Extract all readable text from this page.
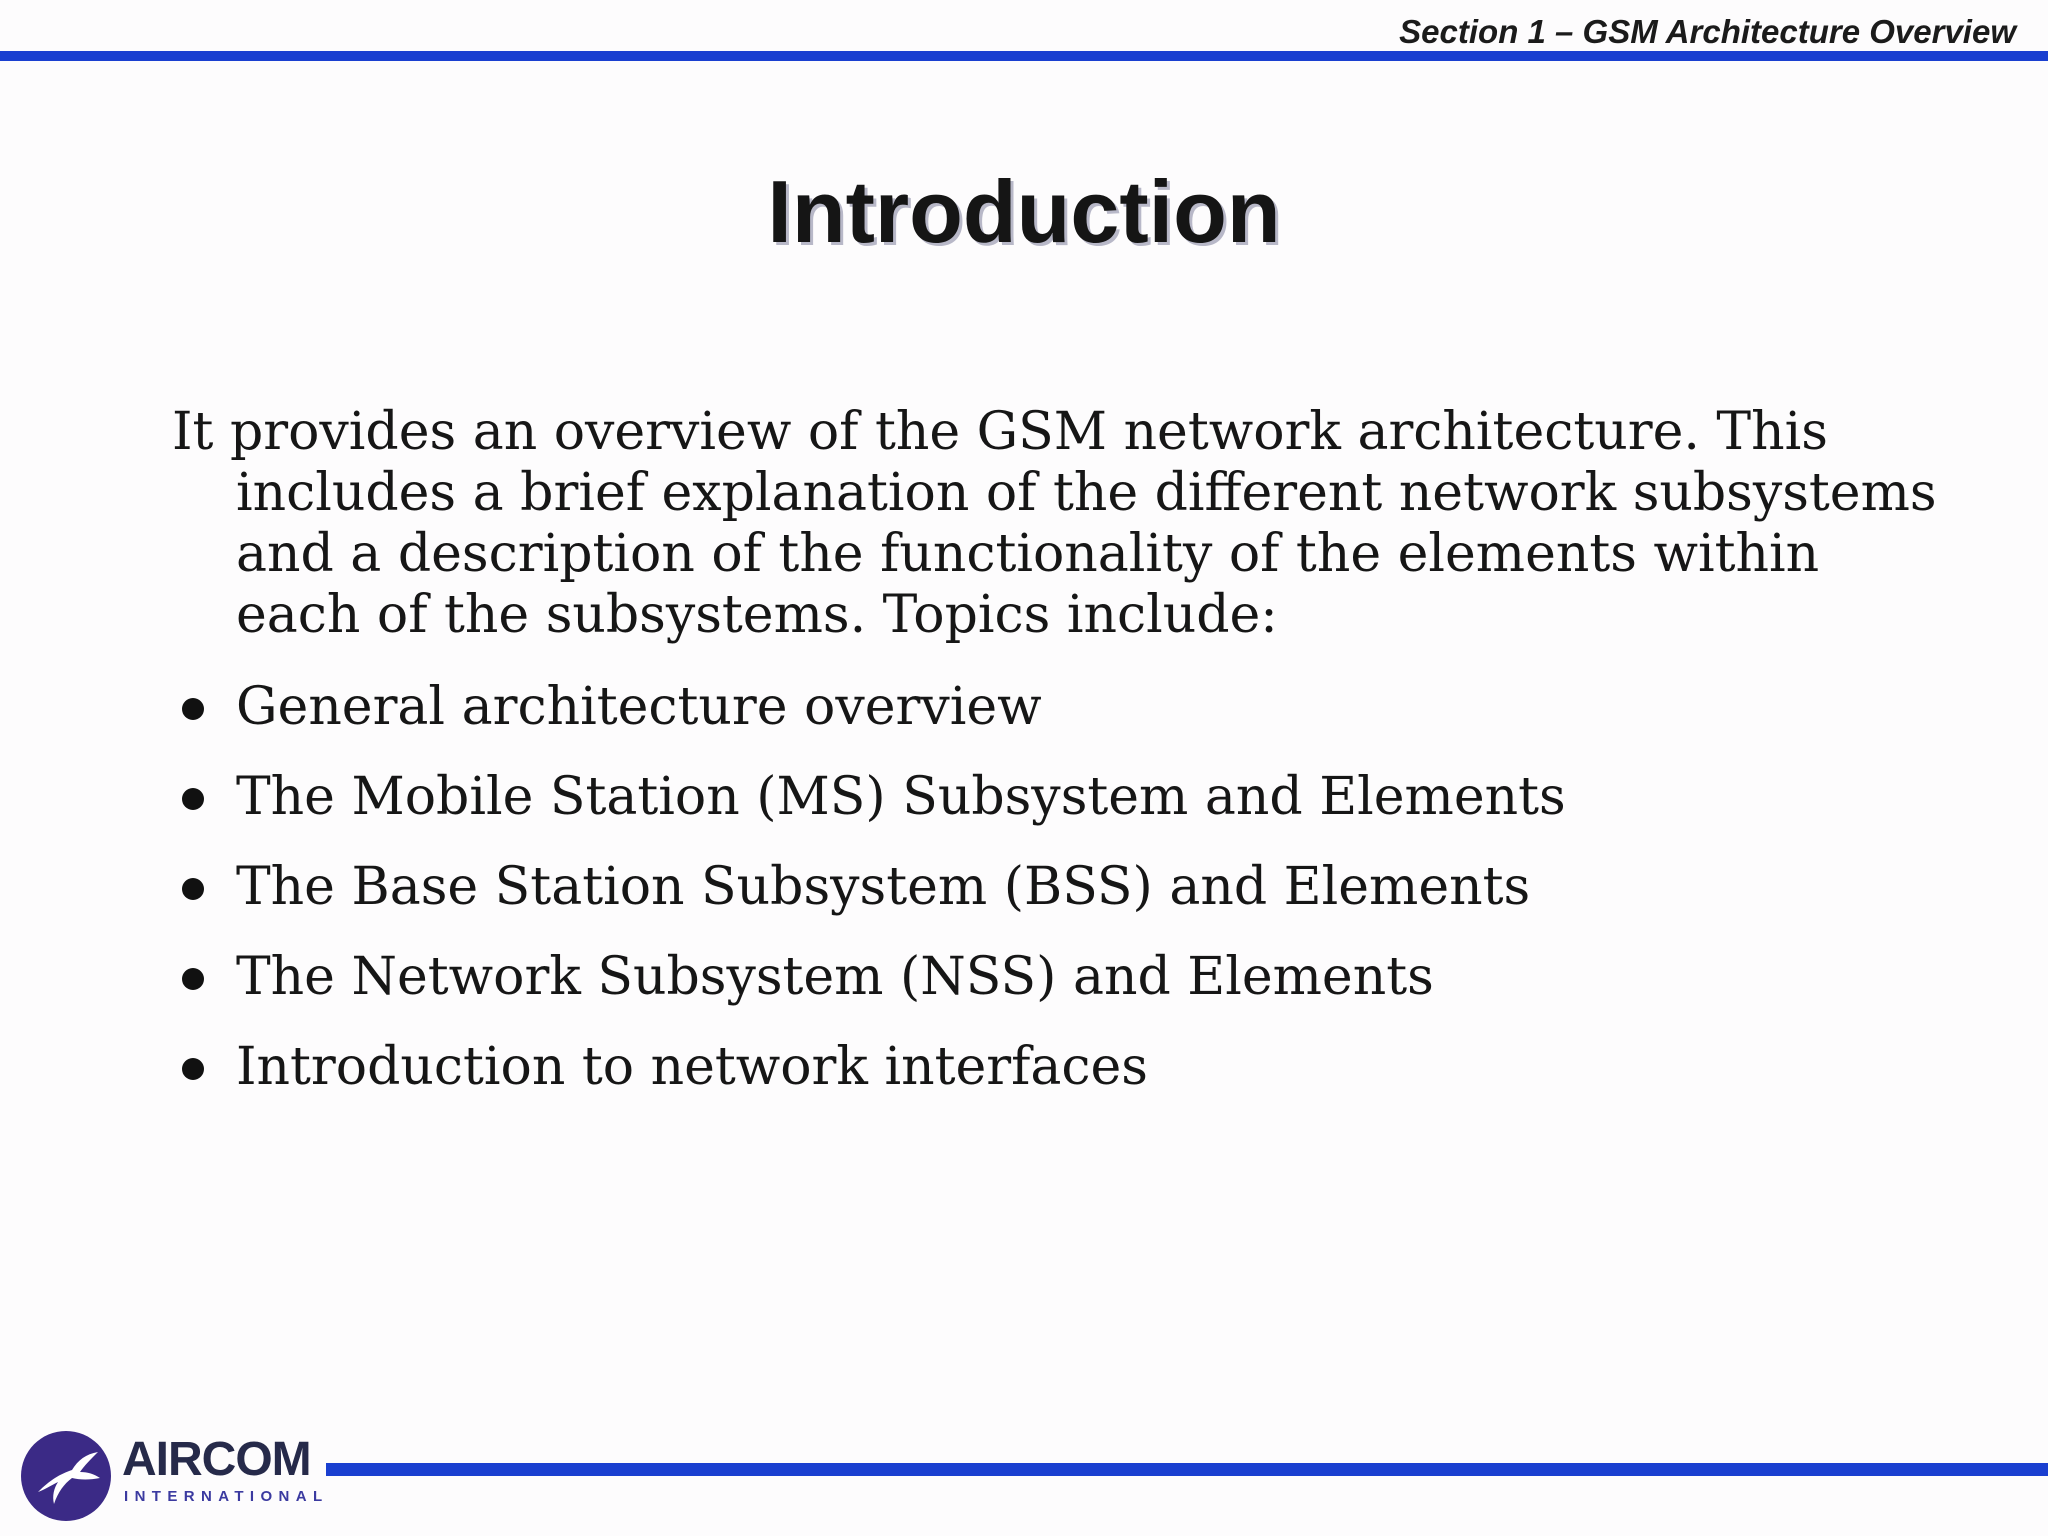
Section 1 – GSM Architecture Overview
Introduction

It provides an overview of the GSM network architecture. This
includes a brief explanation of the different network subsystems
and a description of the functionality of the elements within
each of the subsystems. Topics include:

General architecture overview
The Mobile Station (MS) Subsystem and Elements
The Base Station Subsystem (BSS) and Elements
The Network Subsystem (NSS) and Elements
Introduction to network interfaces
AIRCOM
INTERNATIONAL
